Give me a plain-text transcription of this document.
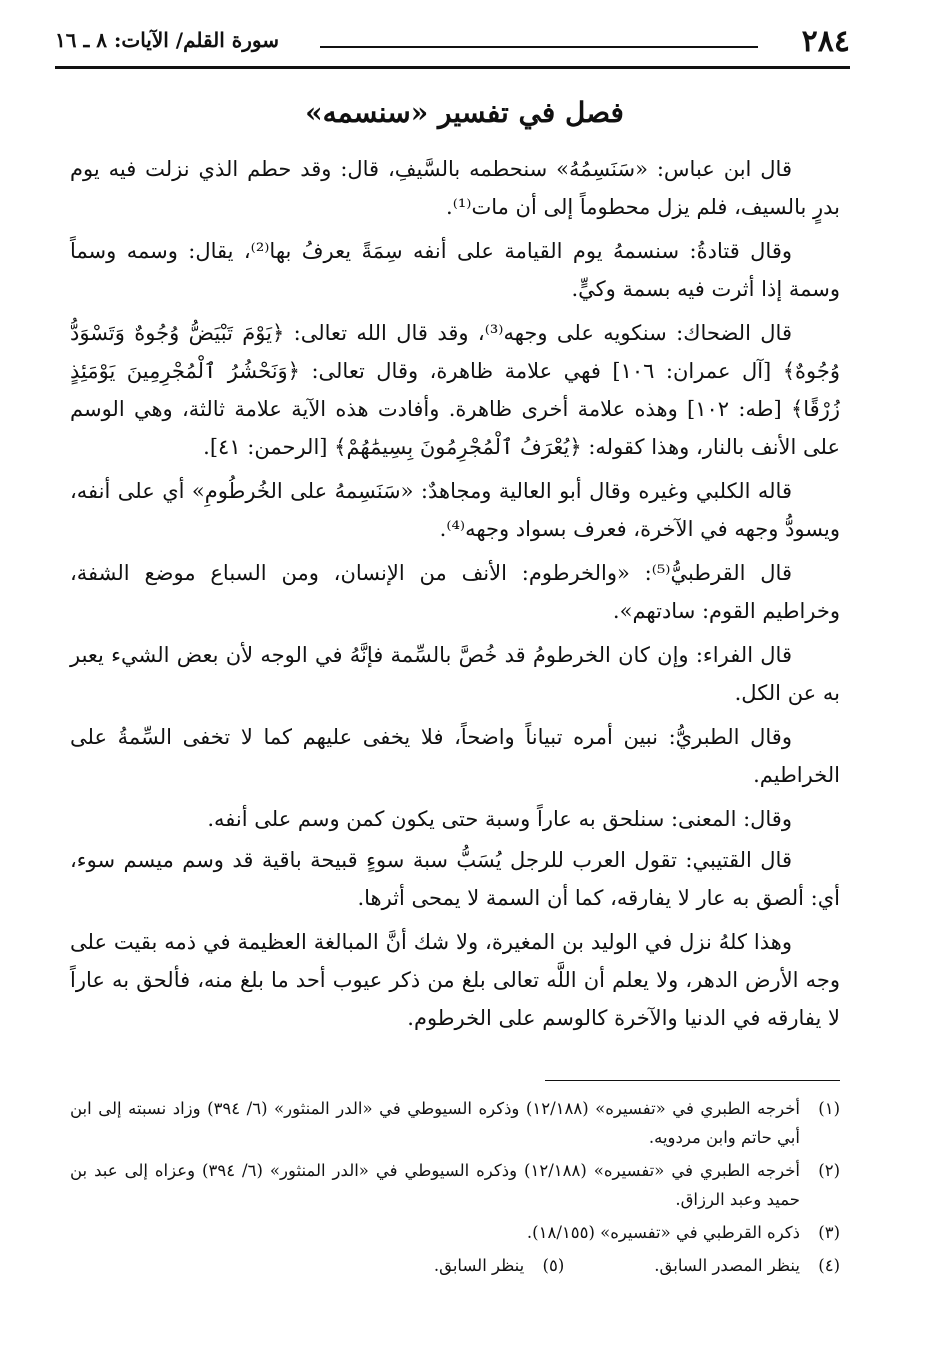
٢٨٤
سورة القلم/ الآيات: ٨ ـ ١٦
فصل في تفسير «سنسمه»

قال ابن عباس: «سَنَسِمُهُ» سنحطمه بالسَّيفِ، قال: وقد حطم الذي نزلت فيه يوم بدرٍ بالسيف، فلم يزل محطوماً إلى أن مات⁽¹⁾.

وقال قتادةُ: سنسمهُ يوم القيامة على أنفه سِمَةً يعرفُ بها⁽²⁾، يقال: وسمه وسماً وسمة إذا أثرت فيه بسمة وكيٍّ.

قال الضحاك: سنكويه على وجهه⁽³⁾، وقد قال الله تعالى: ﴿يَوْمَ تَبْيَضُّ وُجُوهٌ وَتَسْوَدُّ وُجُوهٌ﴾ [آل عمران: ١٠٦] فهي علامة ظاهرة، وقال تعالى: ﴿وَنَحْشُرُ ٱلْمُجْرِمِينَ يَوْمَئِذٍ زُرْقًا﴾ [طه: ١٠٢] وهذه علامة أخرى ظاهرة. وأفادت هذه الآية علامة ثالثة، وهي الوسم على الأنف بالنار، وهذا كقوله: ﴿يُعْرَفُ ٱلْمُجْرِمُونَ بِسِيمَٰهُمْ﴾ [الرحمن: ٤١].

قاله الكلبي وغيره وقال أبو العالية ومجاهدٌ: «سَنَسِمهُ على الخُرطُومِ» أي على أنفه، ويسودُّ وجهه في الآخرة، فعرف بسواد وجهه⁽⁴⁾.

قال القرطبيُّ⁽⁵⁾: «والخرطوم: الأنف من الإنسان، ومن السباع موضع الشفة، وخراطيم القوم: سادتهم».

قال الفراء: وإن كان الخرطومُ قد خُصَّ بالسِّمة فإنَّهُ في الوجه لأن بعض الشيء يعبر به عن الكل.

وقال الطبريُّ: نبين أمره تبياناً واضحاً، فلا يخفى عليهم كما لا تخفى السِّمةُ على الخراطيم.

وقال: المعنى: سنلحق به عاراً وسبة حتى يكون كمن وسم على أنفه.

قال القتيبي: تقول العرب للرجل يُسَبُّ سبة سوءٍ قبيحة باقية قد وسم ميسم سوء، أي: ألصق به عار لا يفارقه، كما أن السمة لا يمحى أثرها.

وهذا كلهُ نزل في الوليد بن المغيرة، ولا شك أنَّ المبالغة العظيمة في ذمه بقيت على وجه الأرض الدهر، ولا يعلم أن اللَّه تعالى بلغ من ذكر عيوب أحد ما بلغ منه، فألحق به عاراً لا يفارقه في الدنيا والآخرة كالوسم على الخرطوم.

(١)
أخرجه الطبري في «تفسيره» (١٢/١٨٨) وذكره السيوطي في «الدر المنثور» (٦/ ٣٩٤) وزاد نسبته إلى ابن أبي حاتم وابن مردويه.
(٢)
أخرجه الطبري في «تفسيره» (١٢/١٨٨) وذكره السيوطي في «الدر المنثور» (٦/ ٣٩٤) وعزاه إلى عبد بن حميد وعبد الرزاق.
(٣)
ذكره القرطبي في «تفسيره» (١٨/١٥٥).
(٤)
ينظر المصدر السابق.
(٥)
ينظر السابق.
